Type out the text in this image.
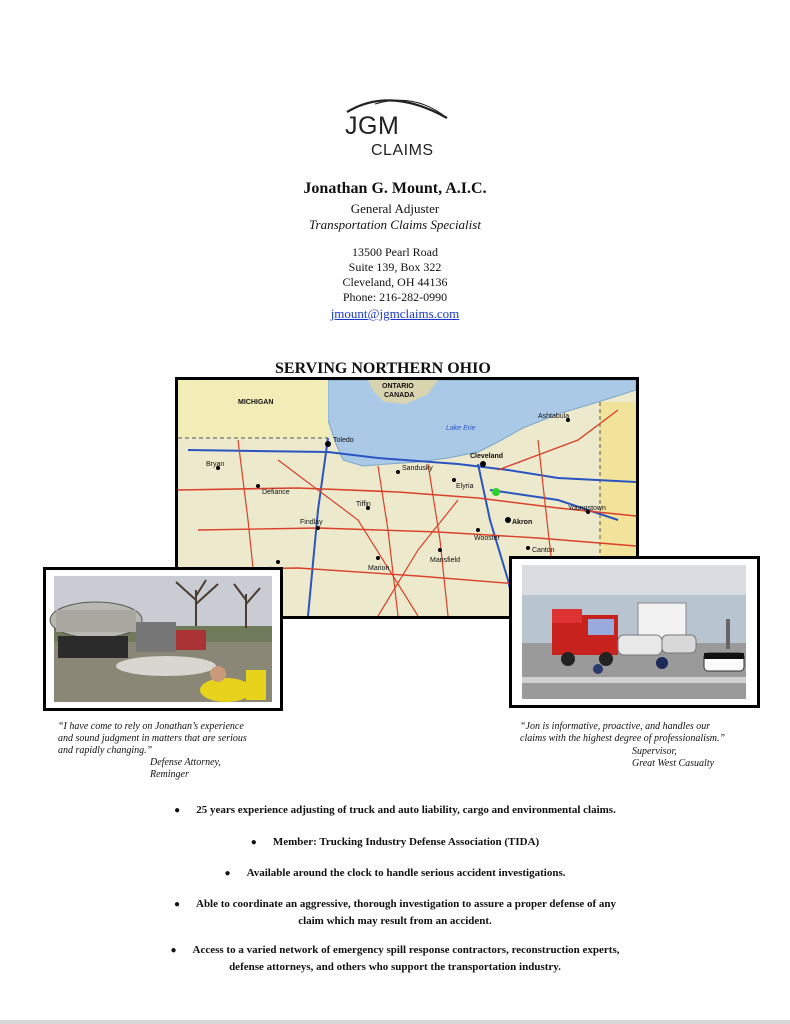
JGM
CLAIMS
Jonathan G. Mount, A.I.C.
General Adjuster
Transportation Claims Specialist
13500 Pearl Road
Suite 139, Box 322
Cleveland, OH 44136
Phone: 216-282-0990
jmount@jgmclaims.com
SERVING NORTHERN OHIO
MICHIGAN
ONTARIO
CANADA
Lake Erie
Toledo
Cleveland
Akron
Sandusky
Elyria
Canton
Ashtabula
Youngstown
Mansfield
Findlay
Bryan
Defiance
Tiffin
Marion
Wooster
“I have come to rely on Jonathan’s experience
and sound judgment in matters that are serious
and rapidly changing.”
Defense Attorney,
Reminger
“Jon is informative, proactive, and handles our
claims with the highest degree of professionalism.”
Supervisor,
Great West Casualty
● 25 years experience adjusting of truck and auto liability, cargo and environmental claims.
● Member: Trucking Industry Defense Association (TIDA)
● Available around the clock to handle serious accident investigations.
● Able to coordinate an aggressive, thorough investigation to assure a proper defense of any
claim which may result from an accident.
● Access to a varied network of emergency spill response contractors, reconstruction experts,
defense attorneys, and others who support the transportation industry.
